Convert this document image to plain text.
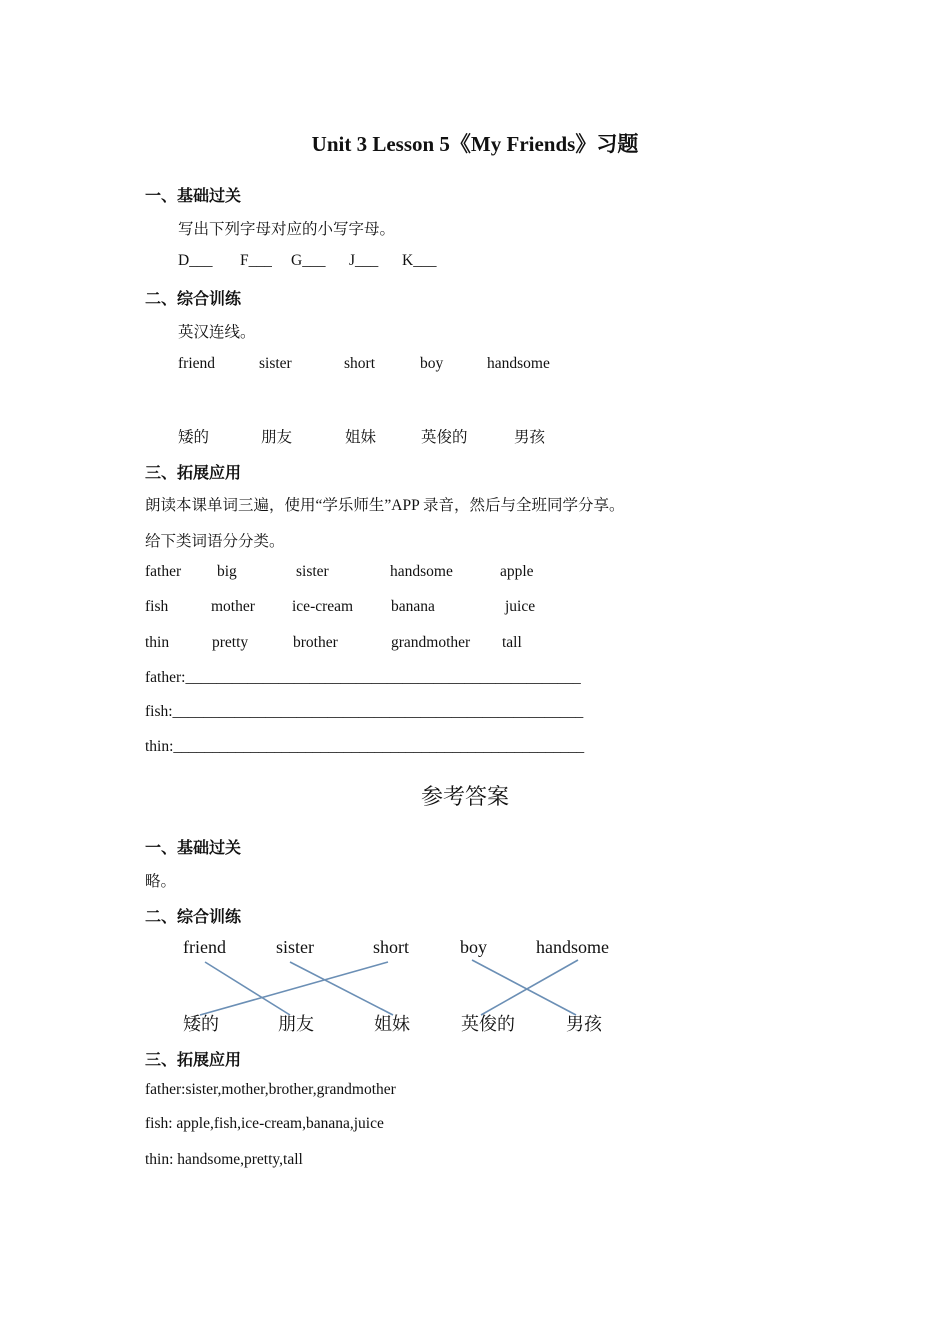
Unit 3 Lesson 5《My Friends》习题
一、基础过关
写出下列字母对应的小写字母。
D___ F___ G___ J___ K___
二、综合训练
英汉连线。
friend	sister	short	boy	handsome
矮的	朋友	姐妹	英俊的	男孩
三、拓展应用
朗读本课单词三遍，使用“学乐师生”APP 录音，然后与全班同学分享。
给下类词语分分类。
father big	sister	handsome	apple
fish	mother ice-cream banana	juice
thin	pretty	brother	grandmother tall
father:___________________________________________________
fish:_____________________________________________________
thin:_____________________________________________________
参考答案
一、基础过关
略。
二、综合训练
friend	sister	short	boy	handsome
矮的	朋友	姐妹	英俊的	男孩
三、拓展应用
father:sister,mother,brother,grandmother
fish: apple,fish,ice-cream,banana,juice
thin: handsome,pretty,tall
